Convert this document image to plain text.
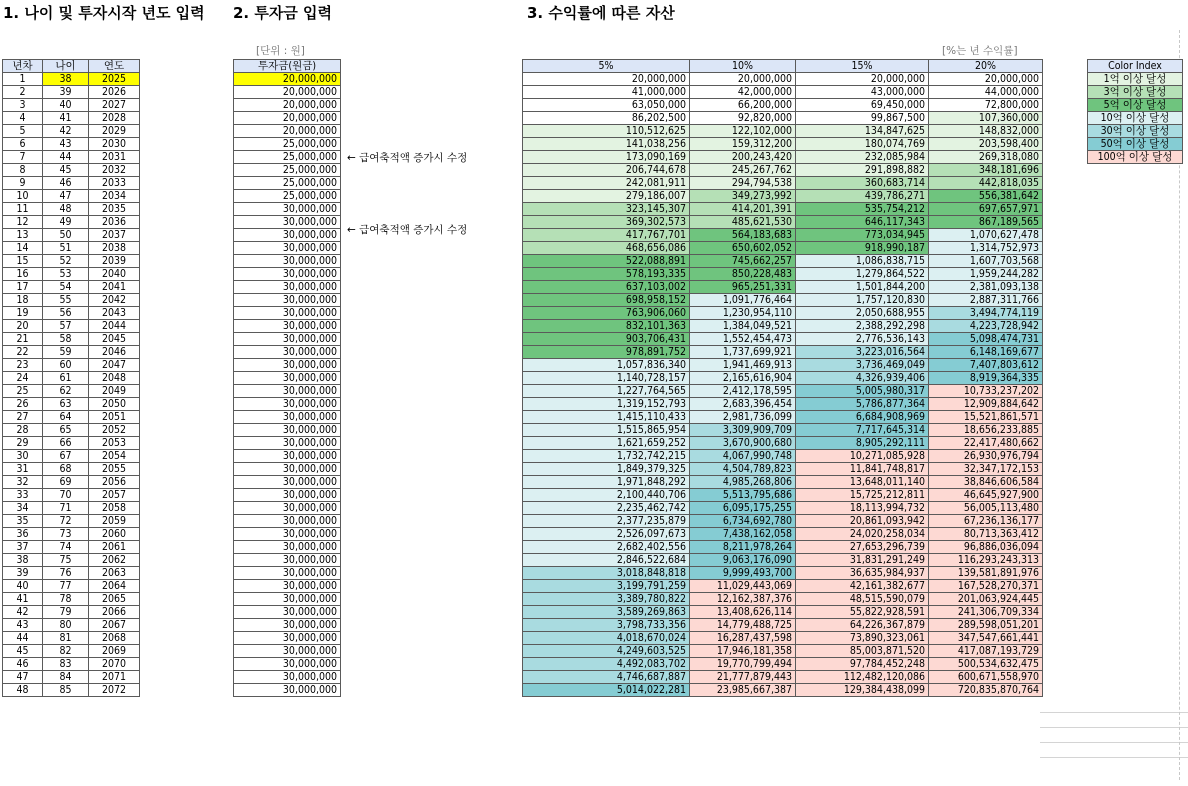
1. 나이 및 투자시작 년도 입력	2. 투자금 입력	3. 수익률에 따른 자산
[단위 : 원]	[%는 년 수익률]
년차	나이	연도
1	38	2025
2	39	2026
3	40	2027
4	41	2028
5	42	2029
6	43	2030
7	44	2031
8	45	2032
9	46	2033
10	47	2034
11	48	2035
12	49	2036
13	50	2037
14	51	2038
15	52	2039
16	53	2040
17	54	2041
18	55	2042
19	56	2043
20	57	2044
21	58	2045
22	59	2046
23	60	2047
24	61	2048
25	62	2049
26	63	2050
27	64	2051
28	65	2052
29	66	2053
30	67	2054
31	68	2055
32	69	2056
33	70	2057
34	71	2058
35	72	2059
36	73	2060
37	74	2061
38	75	2062
39	76	2063
40	77	2064
41	78	2065
42	79	2066
43	80	2067
44	81	2068
45	82	2069
46	83	2070
47	84	2071
48	85	2072
투자금(원금)
20,000,000
20,000,000
20,000,000
20,000,000
20,000,000
25,000,000
25,000,000
25,000,000
25,000,000
25,000,000
30,000,000
30,000,000
30,000,000
30,000,000
30,000,000
30,000,000
30,000,000
30,000,000
30,000,000
30,000,000
30,000,000
30,000,000
30,000,000
30,000,000
30,000,000
30,000,000
30,000,000
30,000,000
30,000,000
30,000,000
30,000,000
30,000,000
30,000,000
30,000,000
30,000,000
30,000,000
30,000,000
30,000,000
30,000,000
30,000,000
30,000,000
30,000,000
30,000,000
30,000,000
30,000,000
30,000,000
30,000,000
30,000,000
← 급여축적액 증가시 수정
← 급여축적액 증가시 수정
5%	10%	15%	20%
20,000,000	20,000,000	20,000,000	20,000,000
41,000,000	42,000,000	43,000,000	44,000,000
63,050,000	66,200,000	69,450,000	72,800,000
86,202,500	92,820,000	99,867,500	107,360,000
110,512,625	122,102,000	134,847,625	148,832,000
141,038,256	159,312,200	180,074,769	203,598,400
173,090,169	200,243,420	232,085,984	269,318,080
206,744,678	245,267,762	291,898,882	348,181,696
242,081,911	294,794,538	360,683,714	442,818,035
279,186,007	349,273,992	439,786,271	556,381,642
323,145,307	414,201,391	535,754,212	697,657,971
369,302,573	485,621,530	646,117,343	867,189,565
417,767,701	564,183,683	773,034,945	1,070,627,478
468,656,086	650,602,052	918,990,187	1,314,752,973
522,088,891	745,662,257	1,086,838,715	1,607,703,568
578,193,335	850,228,483	1,279,864,522	1,959,244,282
637,103,002	965,251,331	1,501,844,200	2,381,093,138
698,958,152	1,091,776,464	1,757,120,830	2,887,311,766
763,906,060	1,230,954,110	2,050,688,955	3,494,774,119
832,101,363	1,384,049,521	2,388,292,298	4,223,728,942
903,706,431	1,552,454,473	2,776,536,143	5,098,474,731
978,891,752	1,737,699,921	3,223,016,564	6,148,169,677
1,057,836,340	1,941,469,913	3,736,469,049	7,407,803,612
1,140,728,157	2,165,616,904	4,326,939,406	8,919,364,335
1,227,764,565	2,412,178,595	5,005,980,317	10,733,237,202
1,319,152,793	2,683,396,454	5,786,877,364	12,909,884,642
1,415,110,433	2,981,736,099	6,684,908,969	15,521,861,571
1,515,865,954	3,309,909,709	7,717,645,314	18,656,233,885
1,621,659,252	3,670,900,680	8,905,292,111	22,417,480,662
1,732,742,215	4,067,990,748	10,271,085,928	26,930,976,794
1,849,379,325	4,504,789,823	11,841,748,817	32,347,172,153
1,971,848,292	4,985,268,806	13,648,011,140	38,846,606,584
2,100,440,706	5,513,795,686	15,725,212,811	46,645,927,900
2,235,462,742	6,095,175,255	18,113,994,732	56,005,113,480
2,377,235,879	6,734,692,780	20,861,093,942	67,236,136,177
2,526,097,673	7,438,162,058	24,020,258,034	80,713,363,412
2,682,402,556	8,211,978,264	27,653,296,739	96,886,036,094
2,846,522,684	9,063,176,090	31,831,291,249	116,293,243,313
3,018,848,818	9,999,493,700	36,635,984,937	139,581,891,976
3,199,791,259	11,029,443,069	42,161,382,677	167,528,270,371
3,389,780,822	12,162,387,376	48,515,590,079	201,063,924,445
3,589,269,863	13,408,626,114	55,822,928,591	241,306,709,334
3,798,733,356	14,779,488,725	64,226,367,879	289,598,051,201
4,018,670,024	16,287,437,598	73,890,323,061	347,547,661,441
4,249,603,525	17,946,181,358	85,003,871,520	417,087,193,729
4,492,083,702	19,770,799,494	97,784,452,248	500,534,632,475
4,746,687,887	21,777,879,443	112,482,120,086	600,671,558,970
5,014,022,281	23,985,667,387	129,384,438,099	720,835,870,764
Color Index
1억 이상 달성
3억 이상 달성
5억 이상 달성
10억 이상 달성
30억 이상 달성
50억 이상 달성
100억 이상 달성
